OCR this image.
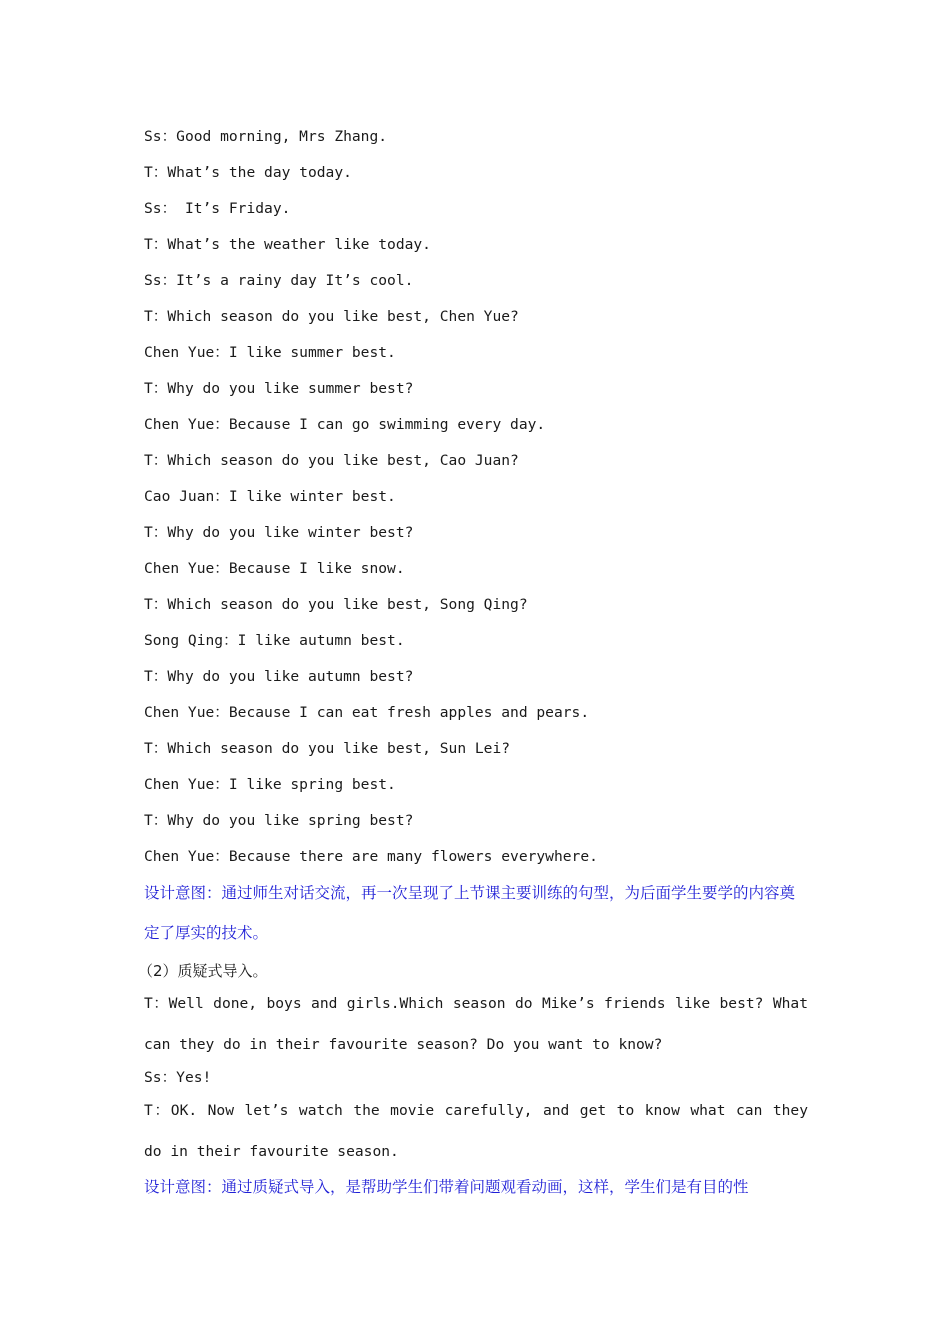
Ss：Good morning, Mrs Zhang.

T：What’s the day today.

Ss： It’s Friday.

T：What’s the weather like today.

Ss：It’s a rainy day It’s cool.

T：Which season do you like best, Chen Yue?

Chen Yue：I like summer best.

T：Why do you like summer best?

Chen Yue：Because I can go swimming every day.

T：Which season do you like best, Cao Juan?

Cao Juan：I like winter best.

T：Why do you like winter best?

Chen Yue：Because I like snow.

T：Which season do you like best, Song Qing?

Song Qing：I like autumn best.

T：Why do you like autumn best?

Chen Yue：Because I can eat fresh apples and pears.

T：Which season do you like best, Sun Lei?

Chen Yue：I like spring best.

T：Why do you like spring best?

Chen Yue：Because there are many flowers everywhere.

设计意图：通过师生对话交流，再一次呈现了上节课主要训练的句型，为后面学生要学的内容奠定了厚实的技术。

（2）质疑式导入。

T：Well done, boys and girls.Which season do Mike’s friends like best? What can they do in their favourite season? Do you want to know?

Ss：Yes!

T：OK. Now let’s watch the movie carefully, and get to know what can they do in their favourite season.

设计意图：通过质疑式导入，是帮助学生们带着问题观看动画，这样，学生们是有目的性
